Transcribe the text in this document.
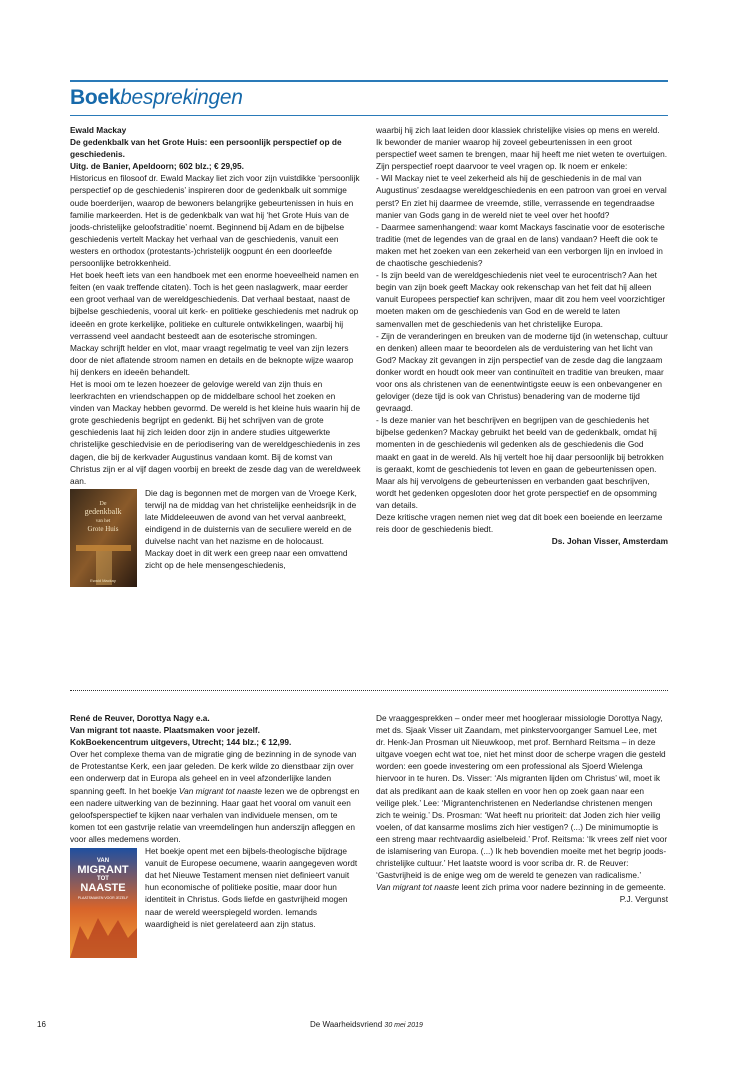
Boekbesprekingen

Ewald Mackay

De gedenkbalk van het Grote Huis: een persoonlijk perspectief op de geschiedenis.

Uitg. de Banier, Apeldoorn; 602 blz.; € 29,95.

Historicus en filosoof dr. Ewald Mackay liet zich voor zijn vuistdikke ‘persoonlijk perspectief op de geschiedenis’ inspireren door de gedenkbalk uit sommige oude boerderijen, waarop de bewoners belangrijke gebeurtenissen in huis en familie markeerden. Het is de gedenkbalk van wat hij ‘het Grote Huis van de joods-christelijke geloofstraditie’ noemt. Beginnend bij Adam en de bijbelse geschiedenis vertelt Mackay het verhaal van de geschiedenis, vanuit een westers en orthodox (protestants-)christelijk oogpunt én een doorleefde persoonlijke betrokkenheid.

Het boek heeft iets van een handboek met een enorme hoeveelheid namen en feiten (en vaak treffende citaten). Toch is het geen naslagwerk, maar eerder een groot verhaal van de wereldgeschiedenis. Dat verhaal bestaat, naast de bijbelse geschiedenis, vooral uit kerk- en politieke geschiedenis met nadruk op ideeën en grote kerkelijke, politieke en culturele ontwikkelingen, waarbij hij verrassend veel aandacht besteedt aan de esoterische stromingen.

Mackay schrijft helder en vlot, maar vraagt regelmatig te veel van zijn lezers door de niet aflatende stroom namen en details en de beknopte wijze waarop hij denkers en ideeën behandelt.

Het is mooi om te lezen hoezeer de gelovige wereld van zijn thuis en leerkrachten en vriendschappen op de middelbare school het zoeken en vinden van Mackay hebben gevormd. De wereld is het kleine huis waarin hij de grote geschiedenis begrijpt en gedenkt. Bij het schrijven van de grote geschiedenis laat hij zich leiden door zijn in andere studies uitgewerkte christelijke geschiedvisie en de periodisering van de wereldgeschiedenis in zes dagen, die bij de kerkvader Augustinus vandaan komt. Bij de komst van Christus zijn er al vijf dagen voorbij en breekt de zesde dag van de wereldweek aan.

De
gedenkbalk
van het
Grote Huis
Ewald Mackay

Die dag is begonnen met de morgen van de Vroege Kerk, terwijl na de middag van het christelijke eenheidsrijk in de late Middeleeuwen de avond van het verval aanbreekt, eindigend in de duisternis van de seculiere wereld en de duivelse nacht van het nazisme en de holocaust.

Mackay doet in dit werk een greep naar een omvattend zicht op de hele mensengeschiedenis,

waarbij hij zich laat leiden door klassiek christelijke visies op mens en wereld. Ik bewonder de manier waarop hij zoveel gebeurtenissen in een groot perspectief weet samen te brengen, maar hij heeft me niet weten te overtuigen. Zijn perspectief roept daarvoor te veel vragen op. Ik noem er enkele:

- Wil Mackay niet te veel zekerheid als hij de geschiedenis in de mal van Augustinus’ zesdaagse wereldgeschiedenis en een patroon van groei en verval perst? En ziet hij daarmee de vreemde, stille, verrassende en tegendraadse manier van Gods gang in de wereld niet te veel over het hoofd?

- Daarmee samenhangend: waar komt Mackays fascinatie voor de esoterische traditie (met de legendes van de graal en de lans) vandaan? Heeft die ook te maken met het zoeken van een zekerheid van een verborgen lijn en invloed in de chaotische geschiedenis?

- Is zijn beeld van de wereldgeschiedenis niet veel te eurocentrisch? Aan het begin van zijn boek geeft Mackay ook rekenschap van het feit dat hij alleen vanuit Europees perspectief kan schrijven, maar dit zou hem veel voorzichtiger moeten maken om de geschiedenis van God en de wereld te laten samenvallen met de geschiedenis van het christelijke Europa.

- Zijn de veranderingen en breuken van de moderne tijd (in wetenschap, cultuur en denken) alleen maar te beoordelen als de verduistering van het licht van God? Mackay zit gevangen in zijn perspectief van de zesde dag die langzaam donker wordt en houdt ook meer van continuïteit en traditie van breuken, maar voor ons als christenen van de eenentwintigste eeuw is een onbevangener en geloviger (deze tijd is ook van Christus) benadering van de moderne tijd gevraagd.

- Is deze manier van het beschrijven en begrijpen van de geschiedenis het bijbelse gedenken? Mackay gebruikt het beeld van de gedenkbalk, omdat hij momenten in de geschiedenis wil gedenken als de geschiedenis die God maakt en gaat in de wereld. Als hij vertelt hoe hij daar persoonlijk bij betrokken is geraakt, komt de geschiedenis tot leven en gaan de gebeurtenissen open. Maar als hij vervolgens de gebeurtenissen en verbanden gaat beschrijven, wordt het gedenken opgesloten door het grote perspectief en de opsomming van details.

Deze kritische vragen nemen niet weg dat dit boek een boeiende en leerzame reis door de geschiedenis biedt.

Ds. Johan Visser, Amsterdam

René de Reuver, Dorottya Nagy e.a.

Van migrant tot naaste. Plaatsmaken voor jezelf.

KokBoekencentrum uitgevers, Utrecht; 144 blz.; € 12,99.

Over het complexe thema van de migratie ging de bezinning in de synode van de Protestantse Kerk, een jaar geleden. De kerk wilde zo dienstbaar zijn over een onderwerp dat in Europa als geheel en in veel afzonderlijke landen spanning geeft. In het boekje Van migrant tot naaste lezen we de opbrengst en een nadere uitwerking van de bezinning. Haar gaat het vooral om vanuit een geloofsperspectief te kijken naar verhalen van individuele mensen, om te komen tot een gastvrije relatie van vreemdelingen hun anderszijn afleggen en voor alles medemens worden.

VAN
MIGRANT
TOT
NAASTE
PLAATSMAKEN VOOR JEZELF

Het boekje opent met een bijbels-theologische bijdrage vanuit de Europese oecumene, waarin aangegeven wordt dat het Nieuwe Testament mensen niet definieert vanuit hun economische of politieke positie, maar door hun identiteit in Christus. Gods liefde en gastvrijheid mogen naar de wereld weerspiegeld worden. Iemands waardigheid is niet gerelateerd aan zijn status.

De vraaggesprekken – onder meer met hoogleraar missiologie Dorottya Nagy, met ds. Sjaak Visser uit Zaandam, met pinkstervoorganger Samuel Lee, met dr. Henk-Jan Prosman uit Nieuwkoop, met prof. Bernhard Reitsma – in deze uitgave voegen echt wat toe, niet het minst door de scherpe vragen die gesteld worden: een goede investering om een professional als Sjoerd Wielenga hiervoor in te huren. Ds. Visser: ‘Als migranten lijden om Christus’ wil, moet ik dat als predikant aan de kaak stellen en voor hen op zoek gaan naar een veilige plek.’ Lee: ‘Migrantenchristenen en Nederlandse christenen mengen zich te weinig.’ Ds. Prosman: ‘Wat heeft nu prioriteit: dat Joden zich hier veilig voelen, of dat kansarme moslims zich hier vestigen? (...) De minimumoptie is een streng maar rechtvaardig asielbeleid.’ Prof. Reitsma: ‘Ik vrees zelf niet voor de islamisering van Europa. (...) Ik heb bovendien moeite met het begrip joods-christelijke cultuur.’ Het laatste woord is voor scriba dr. R. de Reuver: ‘Gastvrijheid is de enige weg om de wereld te genezen van radicalisme.’

Van migrant tot naaste leent zich prima voor nadere bezinning in de gemeente.

P.J. Vergunst

16	De Waarheidsvriend 30 mei 2019
